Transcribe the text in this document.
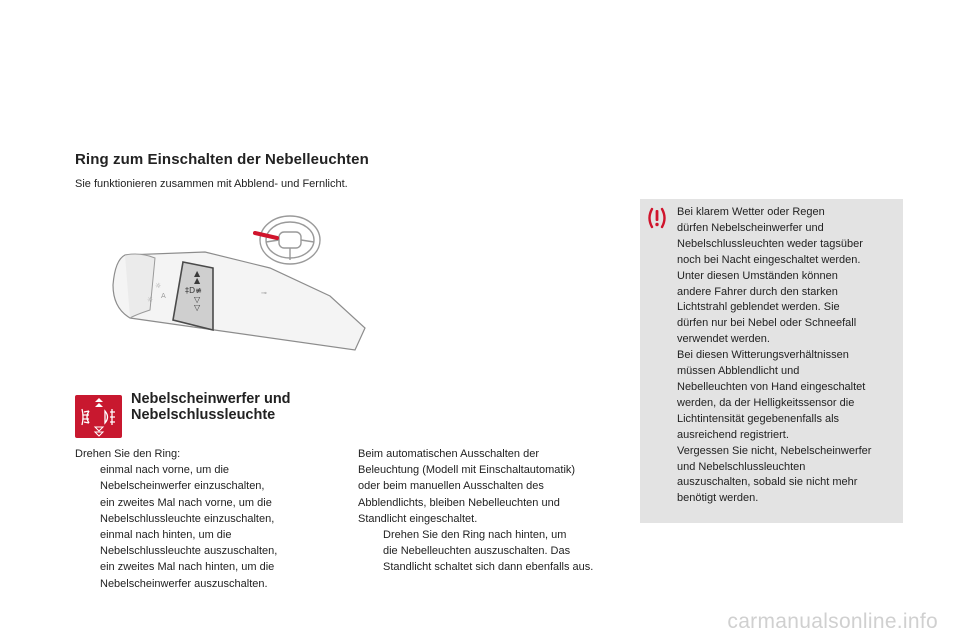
Ring zum Einschalten der Nebelleuchten

Sie funktionieren zusammen mit Abblend- und Fernlicht.

☼
A
☼
⊸
▲
▲
‡D≢
▽
▽
Nebelscheinwerfer und
Nebelschlussleuchte

Drehen Sie den Ring:

einmal nach vorne, um die
Nebelscheinwerfer einzuschalten,

ein zweites Mal nach vorne, um die
Nebelschlussleuchte einzuschalten,

einmal nach hinten, um die
Nebelschlussleuchte auszuschalten,

ein zweites Mal nach hinten, um die
Nebelscheinwerfer auszuschalten.

Beim automatischen Ausschalten der
Beleuchtung (Modell mit Einschaltautomatik)
oder beim manuellen Ausschalten des
Abblendlichts, bleiben Nebelleuchten und
Standlicht eingeschaltet.

Drehen Sie den Ring nach hinten, um
die Nebelleuchten auszuschalten. Das
Standlicht schaltet sich dann ebenfalls aus.

Bei klarem Wetter oder Regen
dürfen Nebelscheinwerfer und
Nebelschlussleuchten weder tagsüber
noch bei Nacht eingeschaltet werden.
Unter diesen Umständen können
andere Fahrer durch den starken
Lichtstrahl geblendet werden. Sie
dürfen nur bei Nebel oder Schneefall
verwendet werden.
Bei diesen Witterungsverhältnissen
müssen Abblendlicht und
Nebelleuchten von Hand eingeschaltet
werden, da der Helligkeitssensor die
Lichtintensität gegebenenfalls als
ausreichend registriert.
Vergessen Sie nicht, Nebelscheinwerfer
und Nebelschlussleuchten
auszuschalten, sobald sie nicht mehr
benötigt werden.

carmanualsonline.info
